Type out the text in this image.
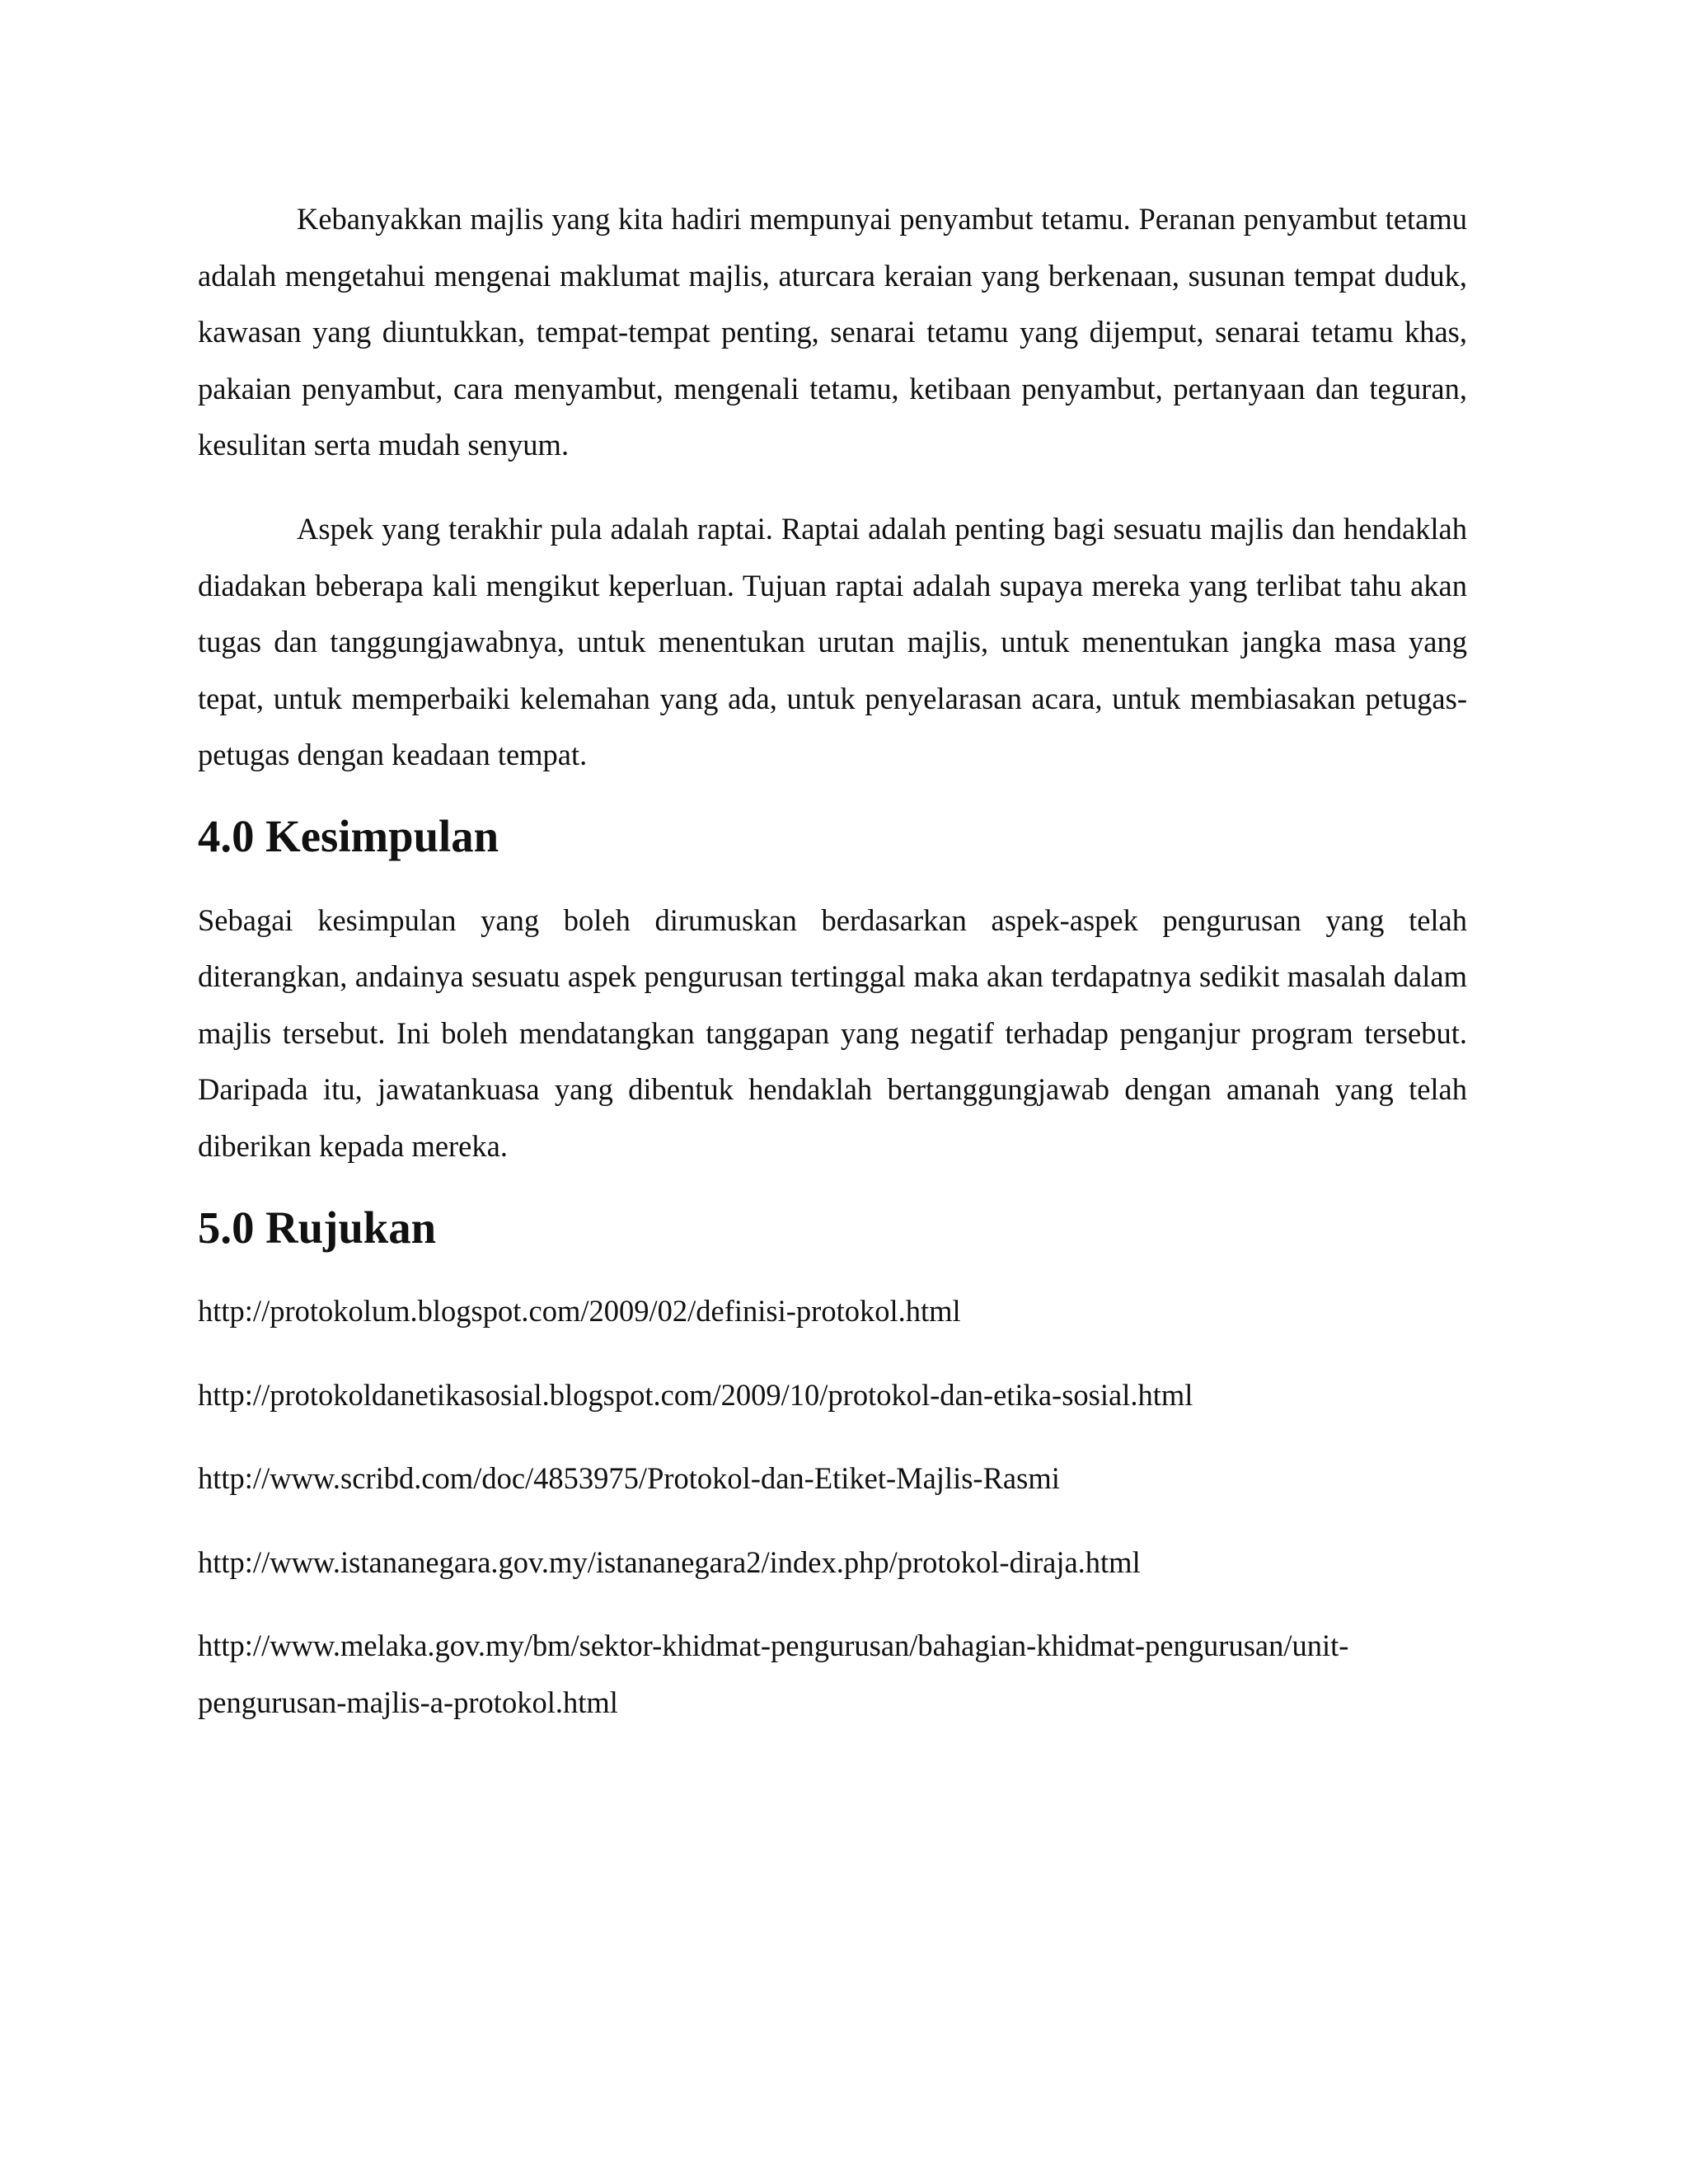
Kebanyakkan majlis yang kita hadiri mempunyai penyambut tetamu. Peranan penyambut tetamu adalah mengetahui mengenai maklumat majlis, aturcara keraian yang berkenaan, susunan tempat duduk, kawasan yang diuntukkan, tempat-tempat penting, senarai tetamu yang dijemput, senarai tetamu khas, pakaian penyambut, cara menyambut, mengenali tetamu, ketibaan penyambut, pertanyaan dan teguran, kesulitan serta mudah senyum.

Aspek yang terakhir pula adalah raptai. Raptai adalah penting bagi sesuatu majlis dan hendaklah diadakan beberapa kali mengikut keperluan. Tujuan raptai adalah supaya mereka yang terlibat tahu akan tugas dan tanggungjawabnya, untuk menentukan urutan majlis, untuk menentukan jangka masa yang tepat, untuk memperbaiki kelemahan yang ada, untuk penyelarasan acara, untuk membiasakan petugas-petugas dengan keadaan tempat.

4.0 Kesimpulan

Sebagai kesimpulan yang boleh dirumuskan berdasarkan aspek-aspek pengurusan yang telah diterangkan, andainya sesuatu aspek pengurusan tertinggal maka akan terdapatnya sedikit masalah dalam majlis tersebut. Ini boleh mendatangkan tanggapan yang negatif terhadap penganjur program tersebut. Daripada itu, jawatankuasa yang dibentuk hendaklah bertanggungjawab dengan amanah yang telah diberikan kepada mereka.

5.0 Rujukan
http://protokolum.blogspot.com/2009/02/definisi-protokol.html
http://protokoldanetikasosial.blogspot.com/2009/10/protokol-dan-etika-sosial.html
http://www.scribd.com/doc/4853975/Protokol-dan-Etiket-Majlis-Rasmi
http://www.istananegara.gov.my/istananegara2/index.php/protokol-diraja.html
http://www.melaka.gov.my/bm/sektor-khidmat-pengurusan/bahagian-khidmat-pengurusan/unit-pengurusan-majlis-a-protokol.html
